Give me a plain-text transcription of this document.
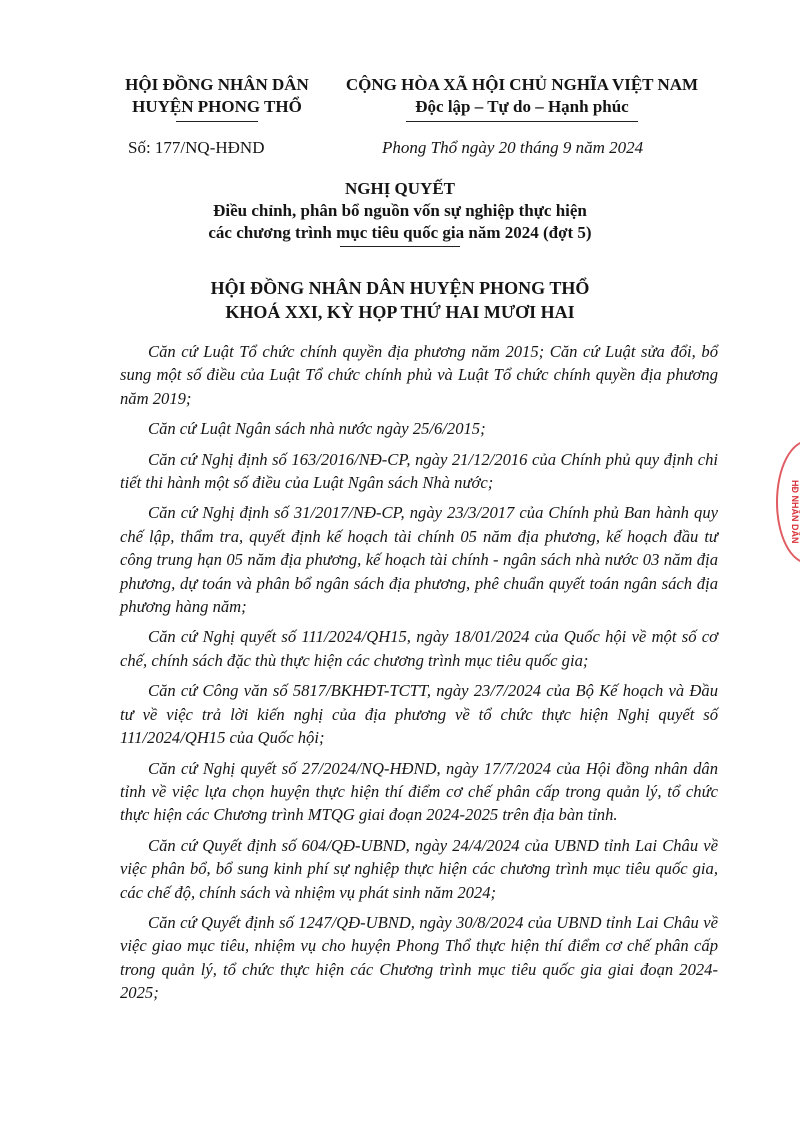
HỘI ĐỒNG NHÂN DÂN
HUYỆN PHONG THỔ
CỘNG HÒA XÃ HỘI CHỦ NGHĨA VIỆT NAM
Độc lập – Tự do – Hạnh phúc
Số: 177/NQ-HĐND	Phong Thổ ngày 20 tháng 9 năm 2024
NGHỊ QUYẾT
Điều chỉnh, phân bổ nguồn vốn sự nghiệp thực hiện
các chương trình mục tiêu quốc gia năm 2024 (đợt 5)
HỘI ĐỒNG NHÂN DÂN HUYỆN PHONG THỔ
KHOÁ XXI, KỲ HỌP THỨ HAI MƯƠI HAI

Căn cứ Luật Tổ chức chính quyền địa phương năm 2015; Căn cứ Luật sửa đổi, bổ sung một số điều của Luật Tổ chức chính phủ và Luật Tổ chức chính quyền địa phương năm 2019;

Căn cứ Luật Ngân sách nhà nước ngày 25/6/2015;

Căn cứ Nghị định số 163/2016/NĐ-CP, ngày 21/12/2016 của Chính phủ quy định chi tiết thi hành một số điều của Luật Ngân sách Nhà nước;

Căn cứ Nghị định số 31/2017/NĐ-CP, ngày 23/3/2017 của Chính phủ Ban hành quy chế lập, thẩm tra, quyết định kế hoạch tài chính 05 năm địa phương, kế hoạch đầu tư công trung hạn 05 năm địa phương, kế hoạch tài chính - ngân sách nhà nước 03 năm địa phương, dự toán và phân bổ ngân sách địa phương, phê chuẩn quyết toán ngân sách địa phương hàng năm;

Căn cứ Nghị quyết số 111/2024/QH15, ngày 18/01/2024 của Quốc hội về một số cơ chế, chính sách đặc thù thực hiện các chương trình mục tiêu quốc gia;

Căn cứ Công văn số 5817/BKHĐT-TCTT, ngày 23/7/2024 của Bộ Kế hoạch và Đầu tư về việc trả lời kiến nghị của địa phương về tổ chức thực hiện Nghị quyết số 111/2024/QH15 của Quốc hội;

Căn cứ Nghị quyết số 27/2024/NQ-HĐND, ngày 17/7/2024 của Hội đồng nhân dân tỉnh về việc lựa chọn huyện thực hiện thí điểm cơ chế phân cấp trong quản lý, tổ chức thực hiện các Chương trình MTQG giai đoạn 2024-2025 trên địa bàn tỉnh.

Căn cứ Quyết định số 604/QĐ-UBND, ngày 24/4/2024 của UBND tỉnh Lai Châu về việc phân bổ, bổ sung kinh phí sự nghiệp thực hiện các chương trình mục tiêu quốc gia, các chế độ, chính sách và nhiệm vụ phát sinh năm 2024;

Căn cứ Quyết định số 1247/QĐ-UBND, ngày 30/8/2024 của UBND tỉnh Lai Châu về việc giao mục tiêu, nhiệm vụ cho huyện Phong Thổ thực hiện thí điểm cơ chế phân cấp trong quản lý, tổ chức thực hiện các Chương trình mục tiêu quốc gia giai đoạn 2024-2025;

HĐ NHÂN DÂN
